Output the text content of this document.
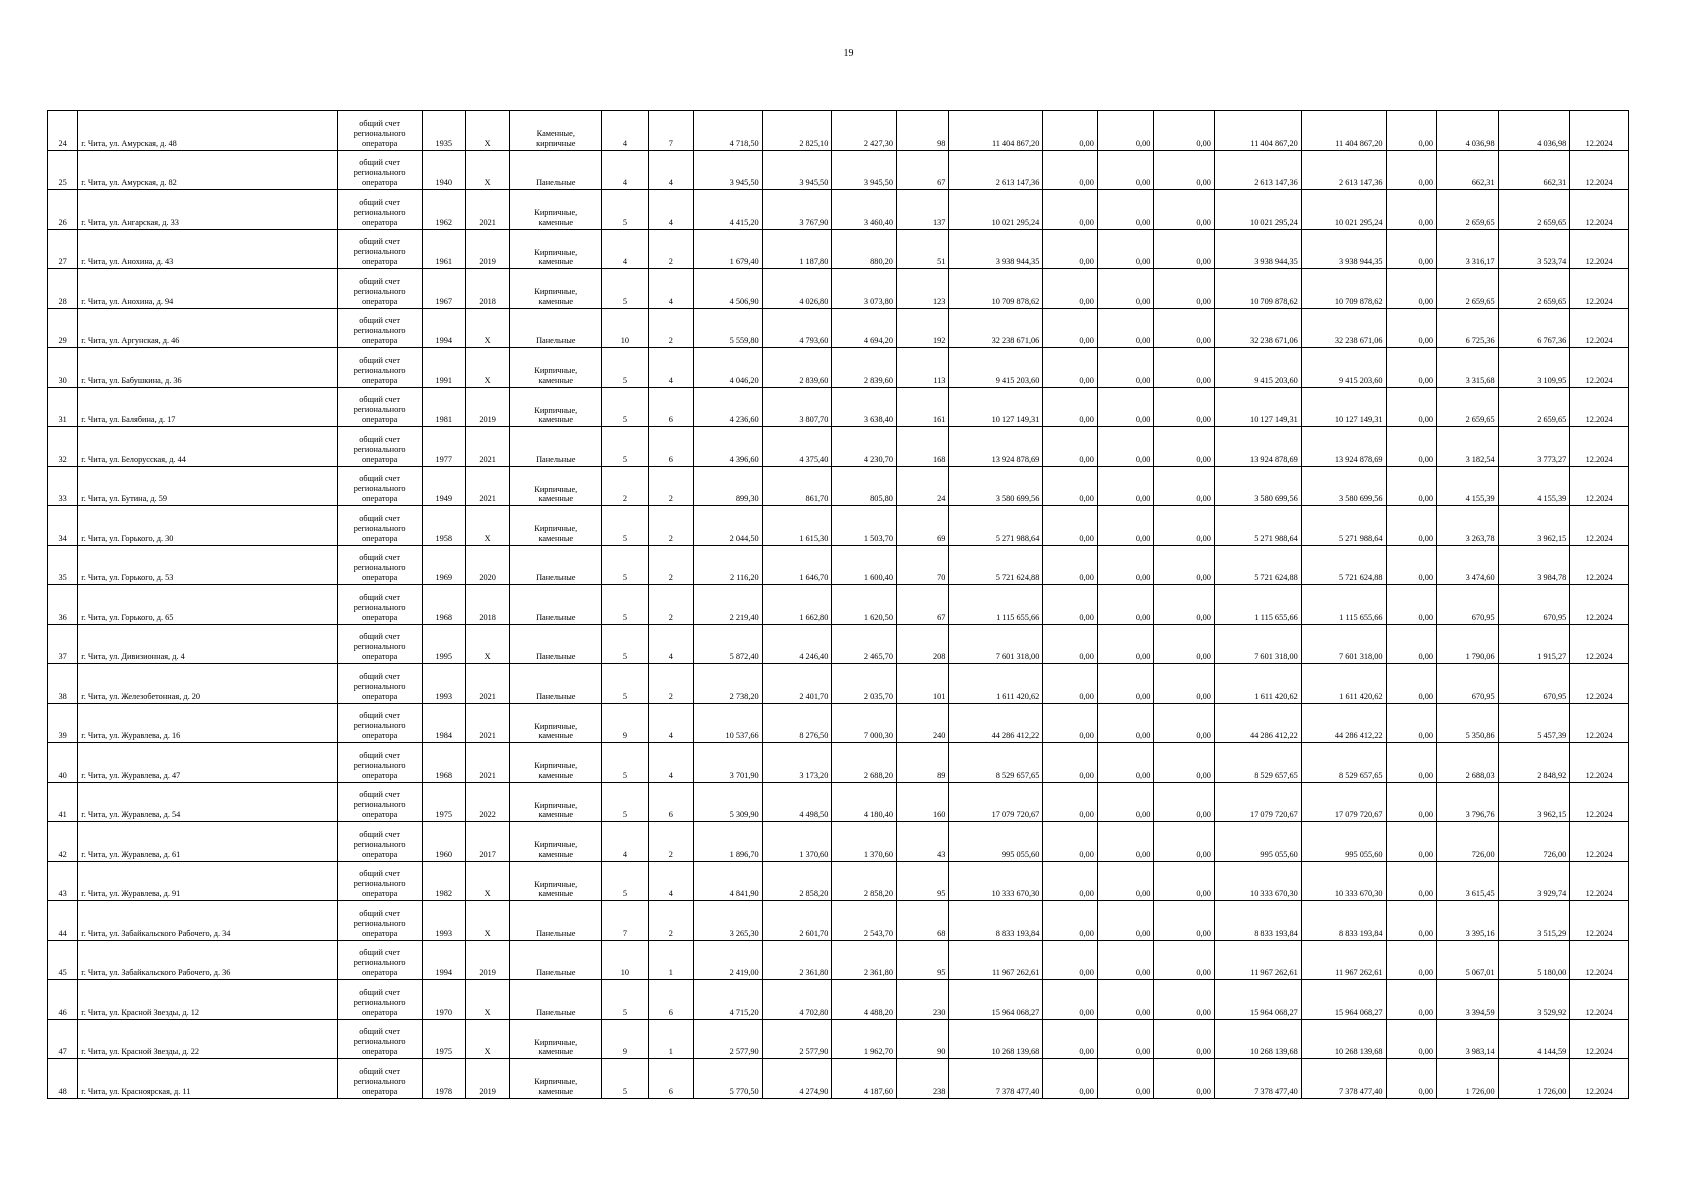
19
24	г. Чита, ул. Амурская, д. 48	общий счет
регионального
оператора	1935	Х	Каменные,
кирпичные	4	7	4 718,50	2 825,10	2 427,30	98	11 404 867,20	0,00	0,00	0,00	11 404 867,20	11 404 867,20	0,00	4 036,98	4 036,98	12.2024
25	г. Чита, ул. Амурская, д. 82	общий счет
регионального
оператора	1940	Х	Панельные	4	4	3 945,50	3 945,50	3 945,50	67	2 613 147,36	0,00	0,00	0,00	2 613 147,36	2 613 147,36	0,00	662,31	662,31	12.2024
26	г. Чита, ул. Ангарская, д. 33	общий счет
регионального
оператора	1962	2021	Кирпичные,
каменные	5	4	4 415,20	3 767,90	3 460,40	137	10 021 295,24	0,00	0,00	0,00	10 021 295,24	10 021 295,24	0,00	2 659,65	2 659,65	12.2024
27	г. Чита, ул. Анохина, д. 43	общий счет
регионального
оператора	1961	2019	Кирпичные,
каменные	4	2	1 679,40	1 187,80	880,20	51	3 938 944,35	0,00	0,00	0,00	3 938 944,35	3 938 944,35	0,00	3 316,17	3 523,74	12.2024
28	г. Чита, ул. Анохина, д. 94	общий счет
регионального
оператора	1967	2018	Кирпичные,
каменные	5	4	4 506,90	4 026,80	3 073,80	123	10 709 878,62	0,00	0,00	0,00	10 709 878,62	10 709 878,62	0,00	2 659,65	2 659,65	12.2024
29	г. Чита, ул. Аргунская, д. 46	общий счет
регионального
оператора	1994	Х	Панельные	10	2	5 559,80	4 793,60	4 694,20	192	32 238 671,06	0,00	0,00	0,00	32 238 671,06	32 238 671,06	0,00	6 725,36	6 767,36	12.2024
30	г. Чита, ул. Бабушкина, д. 36	общий счет
регионального
оператора	1991	Х	Кирпичные,
каменные	5	4	4 046,20	2 839,60	2 839,60	113	9 415 203,60	0,00	0,00	0,00	9 415 203,60	9 415 203,60	0,00	3 315,68	3 109,95	12.2024
31	г. Чита, ул. Балябина, д. 17	общий счет
регионального
оператора	1981	2019	Кирпичные,
каменные	5	6	4 236,60	3 807,70	3 638,40	161	10 127 149,31	0,00	0,00	0,00	10 127 149,31	10 127 149,31	0,00	2 659,65	2 659,65	12.2024
32	г. Чита, ул. Белорусская, д. 44	общий счет
регионального
оператора	1977	2021	Панельные	5	6	4 396,60	4 375,40	4 230,70	168	13 924 878,69	0,00	0,00	0,00	13 924 878,69	13 924 878,69	0,00	3 182,54	3 773,27	12.2024
33	г. Чита, ул. Бутина, д. 59	общий счет
регионального
оператора	1949	2021	Кирпичные,
каменные	2	2	899,30	861,70	805,80	24	3 580 699,56	0,00	0,00	0,00	3 580 699,56	3 580 699,56	0,00	4 155,39	4 155,39	12.2024
34	г. Чита, ул. Горького, д. 30	общий счет
регионального
оператора	1958	Х	Кирпичные,
каменные	5	2	2 044,50	1 615,30	1 503,70	69	5 271 988,64	0,00	0,00	0,00	5 271 988,64	5 271 988,64	0,00	3 263,78	3 962,15	12.2024
35	г. Чита, ул. Горького, д. 53	общий счет
регионального
оператора	1969	2020	Панельные	5	2	2 116,20	1 646,70	1 600,40	70	5 721 624,88	0,00	0,00	0,00	5 721 624,88	5 721 624,88	0,00	3 474,60	3 984,78	12.2024
36	г. Чита, ул. Горького, д. 65	общий счет
регионального
оператора	1968	2018	Панельные	5	2	2 219,40	1 662,80	1 620,50	67	1 115 655,66	0,00	0,00	0,00	1 115 655,66	1 115 655,66	0,00	670,95	670,95	12.2024
37	г. Чита, ул. Дивизионная, д. 4	общий счет
регионального
оператора	1995	Х	Панельные	5	4	5 872,40	4 246,40	2 465,70	208	7 601 318,00	0,00	0,00	0,00	7 601 318,00	7 601 318,00	0,00	1 790,06	1 915,27	12.2024
38	г. Чита, ул. Железобетонная, д. 20	общий счет
регионального
оператора	1993	2021	Панельные	5	2	2 738,20	2 401,70	2 035,70	101	1 611 420,62	0,00	0,00	0,00	1 611 420,62	1 611 420,62	0,00	670,95	670,95	12.2024
39	г. Чита, ул. Журавлева, д. 16	общий счет
регионального
оператора	1984	2021	Кирпичные,
каменные	9	4	10 537,66	8 276,50	7 000,30	240	44 286 412,22	0,00	0,00	0,00	44 286 412,22	44 286 412,22	0,00	5 350,86	5 457,39	12.2024
40	г. Чита, ул. Журавлева, д. 47	общий счет
регионального
оператора	1968	2021	Кирпичные,
каменные	5	4	3 701,90	3 173,20	2 688,20	89	8 529 657,65	0,00	0,00	0,00	8 529 657,65	8 529 657,65	0,00	2 688,03	2 848,92	12.2024
41	г. Чита, ул. Журавлева, д. 54	общий счет
регионального
оператора	1975	2022	Кирпичные,
каменные	5	6	5 309,90	4 498,50	4 180,40	160	17 079 720,67	0,00	0,00	0,00	17 079 720,67	17 079 720,67	0,00	3 796,76	3 962,15	12.2024
42	г. Чита, ул. Журавлева, д. 61	общий счет
регионального
оператора	1960	2017	Кирпичные,
каменные	4	2	1 896,70	1 370,60	1 370,60	43	995 055,60	0,00	0,00	0,00	995 055,60	995 055,60	0,00	726,00	726,00	12.2024
43	г. Чита, ул. Журавлева, д. 91	общий счет
регионального
оператора	1982	Х	Кирпичные,
каменные	5	4	4 841,90	2 858,20	2 858,20	95	10 333 670,30	0,00	0,00	0,00	10 333 670,30	10 333 670,30	0,00	3 615,45	3 929,74	12.2024
44	г. Чита, ул. Забайкальского Рабочего, д. 34	общий счет
регионального
оператора	1993	Х	Панельные	7	2	3 265,30	2 601,70	2 543,70	68	8 833 193,84	0,00	0,00	0,00	8 833 193,84	8 833 193,84	0,00	3 395,16	3 515,29	12.2024
45	г. Чита, ул. Забайкальского Рабочего, д. 36	общий счет
регионального
оператора	1994	2019	Панельные	10	1	2 419,00	2 361,80	2 361,80	95	11 967 262,61	0,00	0,00	0,00	11 967 262,61	11 967 262,61	0,00	5 067,01	5 180,00	12.2024
46	г. Чита, ул. Красной Звезды, д. 12	общий счет
регионального
оператора	1970	Х	Панельные	5	6	4 715,20	4 702,80	4 488,20	230	15 964 068,27	0,00	0,00	0,00	15 964 068,27	15 964 068,27	0,00	3 394,59	3 529,92	12.2024
47	г. Чита, ул. Красной Звезды, д. 22	общий счет
регионального
оператора	1975	Х	Кирпичные,
каменные	9	1	2 577,90	2 577,90	1 962,70	90	10 268 139,68	0,00	0,00	0,00	10 268 139,68	10 268 139,68	0,00	3 983,14	4 144,59	12.2024
48	г. Чита, ул. Красноярская, д. 11	общий счет
регионального
оператора	1978	2019	Кирпичные,
каменные	5	6	5 770,50	4 274,90	4 187,60	238	7 378 477,40	0,00	0,00	0,00	7 378 477,40	7 378 477,40	0,00	1 726,00	1 726,00	12.2024
